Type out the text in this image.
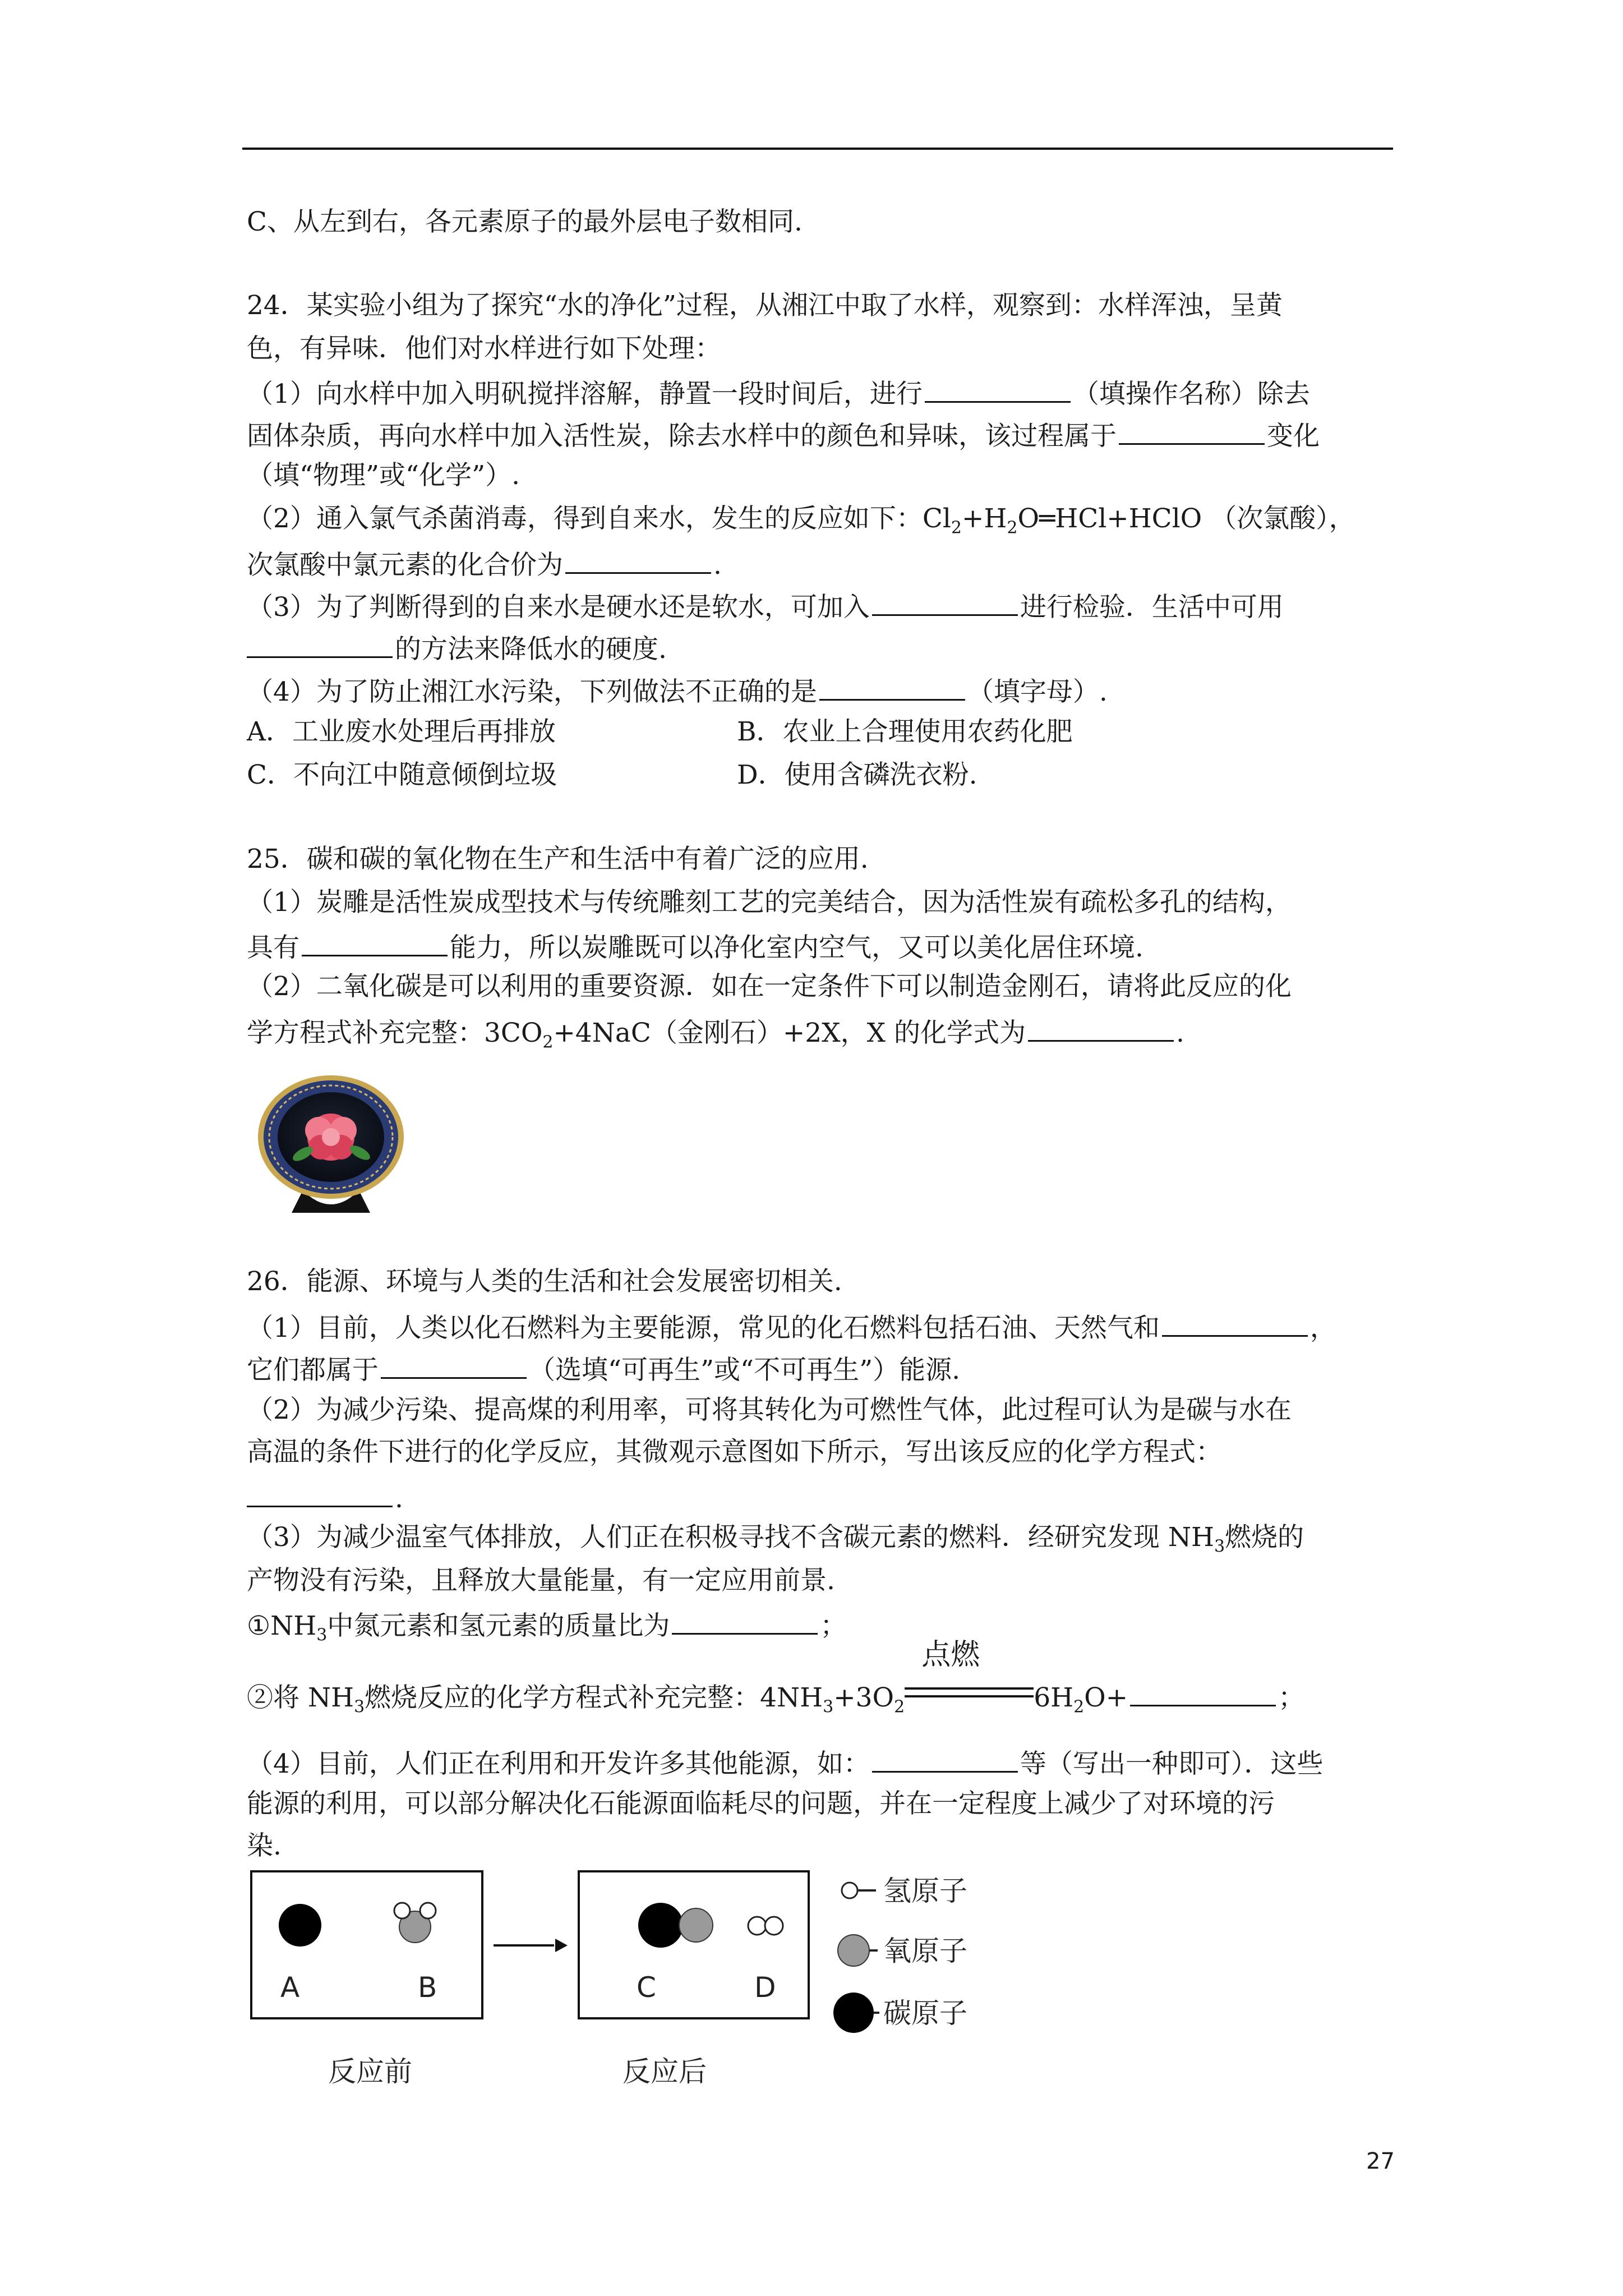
C、从左到右，各元素原子的最外层电子数相同.
24．某实验小组为了探究“水的净化”过程，从湘江中取了水样，观察到：水样浑浊，呈黄
色，有异味．他们对水样进行如下处理：
（1）向水样中加入明矾搅拌溶解，静置一段时间后，进行	（填操作名称）除去
固体杂质，再向水样中加入活性炭，除去水样中的颜色和异味，该过程属于	变化
（填“物理”或“化学”）.
（2）通入氯气杀菌消毒，得到自来水，发生的反应如下：$Cl_2+H_2O═HCl+HClO$ （次氯酸），
次氯酸中氯元素的化合价为	.
（3）为了判断得到的自来水是硬水还是软水，可加入	进行检验．生活中可用
的方法来降低水的硬度.
（4）为了防止湘江水污染，下列做法不正确的是	（填字母）.
A．工业废水处理后再排放	B．农业上合理使用农药化肥
C．不向江中随意倾倒垃圾	D．使用含磷洗衣粉.
25．碳和碳的氧化物在生产和生活中有着广泛的应用.
（1）炭雕是活性炭成型技术与传统雕刻工艺的完美结合，因为活性炭有疏松多孔的结构，
具有	能力，所以炭雕既可以净化室内空气，又可以美化居住环境.
（2）二氧化碳是可以利用的重要资源．如在一定条件下可以制造金刚石，请将此反应的化
学方程式补充完整：$3CO_2+4NaC$（金刚石）+2X，X 的化学式为	.
26．能源、环境与人类的生活和社会发展密切相关.
（1）目前，人类以化石燃料为主要能源，常见的化石燃料包括石油、天然气和	，
它们都属于	（选填“可再生”或“不可再生”）能源.
（2）为减少污染、提高煤的利用率，可将其转化为可燃性气体，此过程可认为是碳与水在
高温的条件下进行的化学反应，其微观示意图如下所示，写出该反应的化学方程式：
.
（3）为减少温室气体排放，人们正在积极寻找不含碳元素的燃料．经研究发现 $NH_3$燃烧的
产物没有污染，且释放大量能量，有一定应用前景.
$①NH_3$中氮元素和氢元素的质量比为	；
②将 $NH_3$燃烧反应的化学方程式补充完整：$4NH_3+3O_2$
点燃
$6H_2O+$	；
（4）目前，人们正在利用和开发许多其他能源，如：	等（写出一种即可）．这些
能源的利用，可以部分解决化石能源面临耗尽的问题，并在一定程度上减少了对环境的污
染.
A	B	C	D
反应前	反应后
氢原子
氧原子
碳原子
27
